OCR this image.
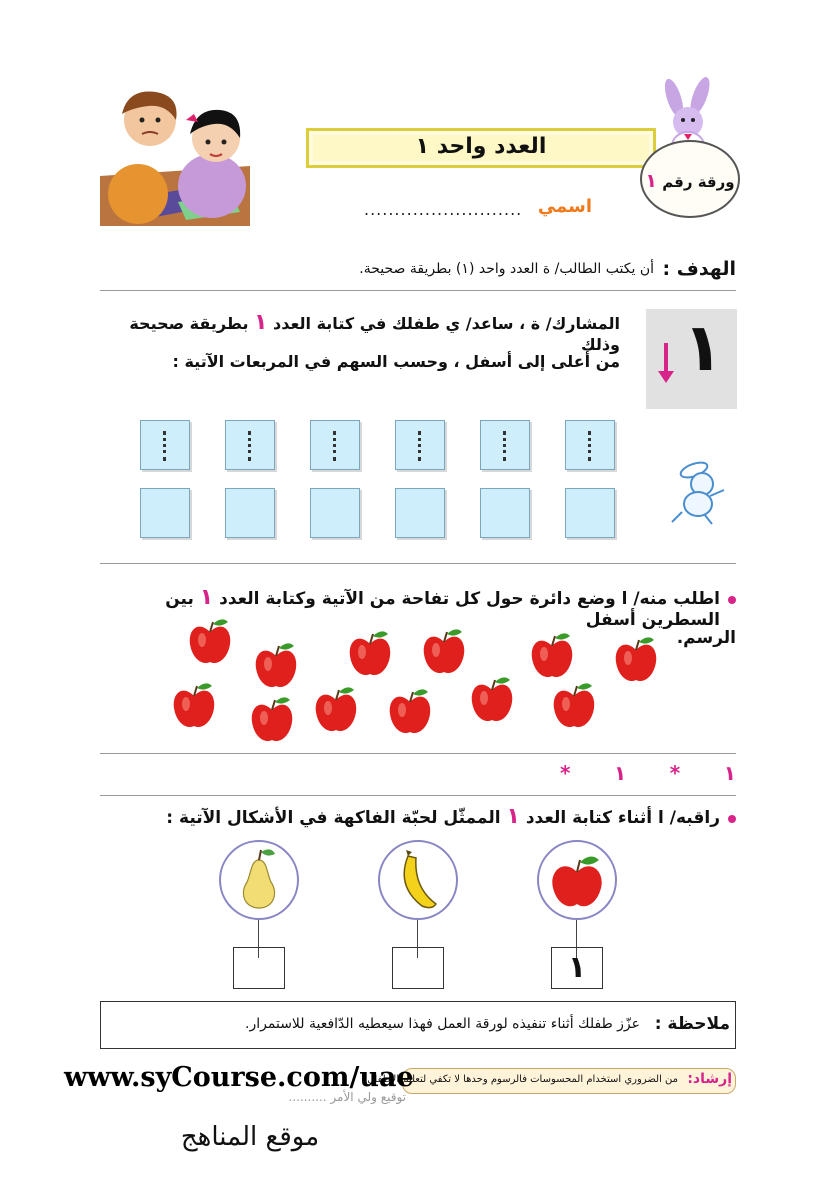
العدد واحد ١
ورقة رقم ١
اسمي
..........................
الهدف :
أن يكتب الطالب/ ة العدد واحد (١) بطريقة صحيحة.
١
المشارك/ ة ، ساعد/ ي طفلك في كتابة العدد ١ بطريقة صحيحة وذلك
من أعلى إلى أسفل ، وحسب السهم في المربعات الآتية :
اطلب منه/ ا وضع دائرة حول كل تفاحة من الآتية وكتابة العدد ١ بين السطرين أسفل
الرسم.
١
*
١
*
راقبه/ ا أثناء كتابة العدد ١ الممثّل لحبّة الفاكهة في الأشكال الآتية :
١
ملاحظة :
عزّز طفلك أثناء تنفيذه لورقة العمل فهذا سيعطيه الدّافعية للاستمرار.
إرشاد:
من الضروري استخدام المحسوسات فالرسوم وحدها لا تكفي لتعليم الأطفال
توقيع ولي الأمر ..........
www.syCourse.com/uae
موقع المناهج
